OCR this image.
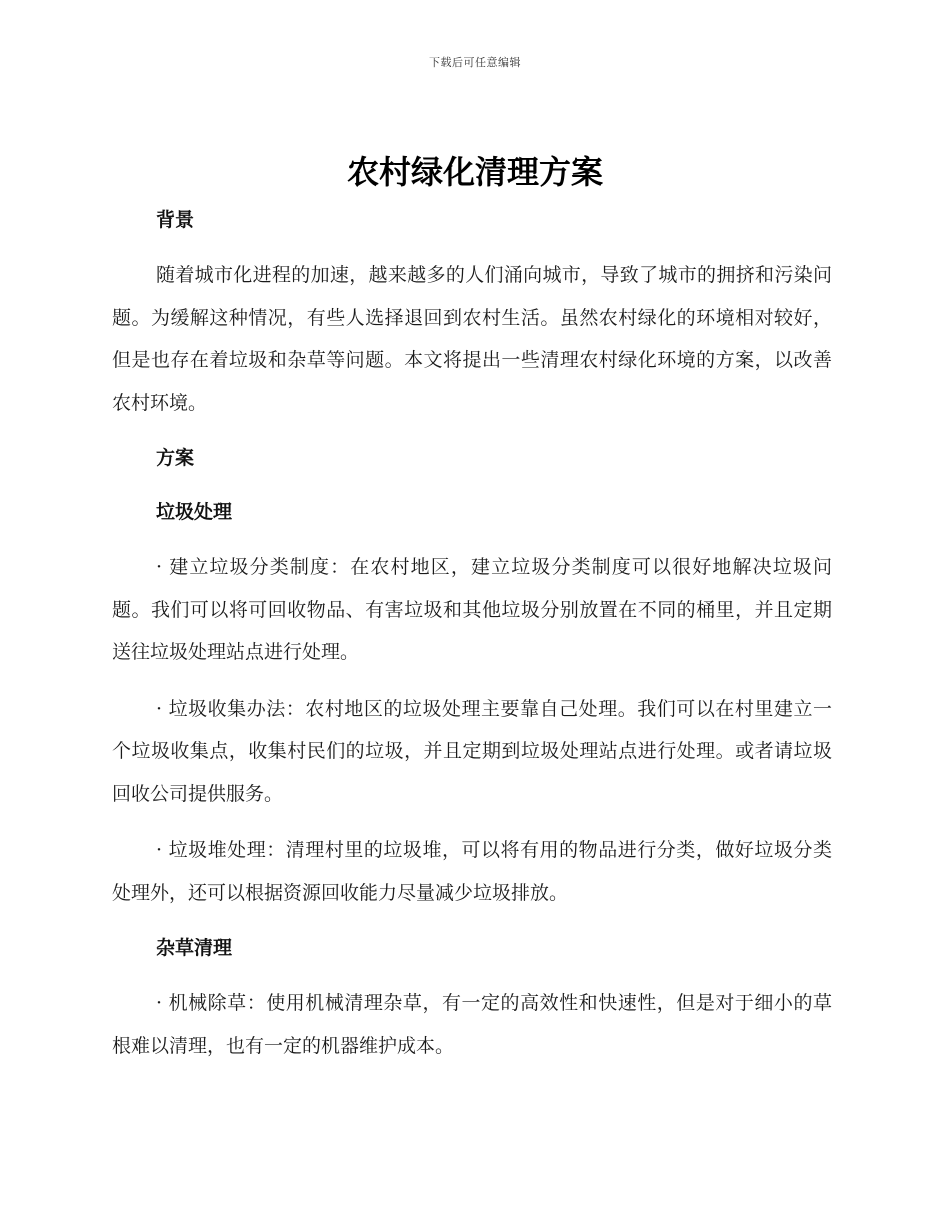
下载后可任意编辑
农村绿化清理方案
背景

随着城市化进程的加速，越来越多的人们涌向城市，导致了城市的拥挤和污染问题。为缓解这种情况，有些人选择退回到农村生活。虽然农村绿化的环境相对较好，但是也存在着垃圾和杂草等问题。本文将提出一些清理农村绿化环境的方案，以改善农村环境。

方案
垃圾处理

· 建立垃圾分类制度：在农村地区，建立垃圾分类制度可以很好地解决垃圾问题。我们可以将可回收物品、有害垃圾和其他垃圾分别放置在不同的桶里，并且定期送往垃圾处理站点进行处理。

· 垃圾收集办法：农村地区的垃圾处理主要靠自己处理。我们可以在村里建立一个垃圾收集点，收集村民们的垃圾，并且定期到垃圾处理站点进行处理。或者请垃圾回收公司提供服务。

· 垃圾堆处理：清理村里的垃圾堆，可以将有用的物品进行分类，做好垃圾分类处理外，还可以根据资源回收能力尽量减少垃圾排放。

杂草清理

· 机械除草：使用机械清理杂草，有一定的高效性和快速性，但是对于细小的草根难以清理，也有一定的机器维护成本。
